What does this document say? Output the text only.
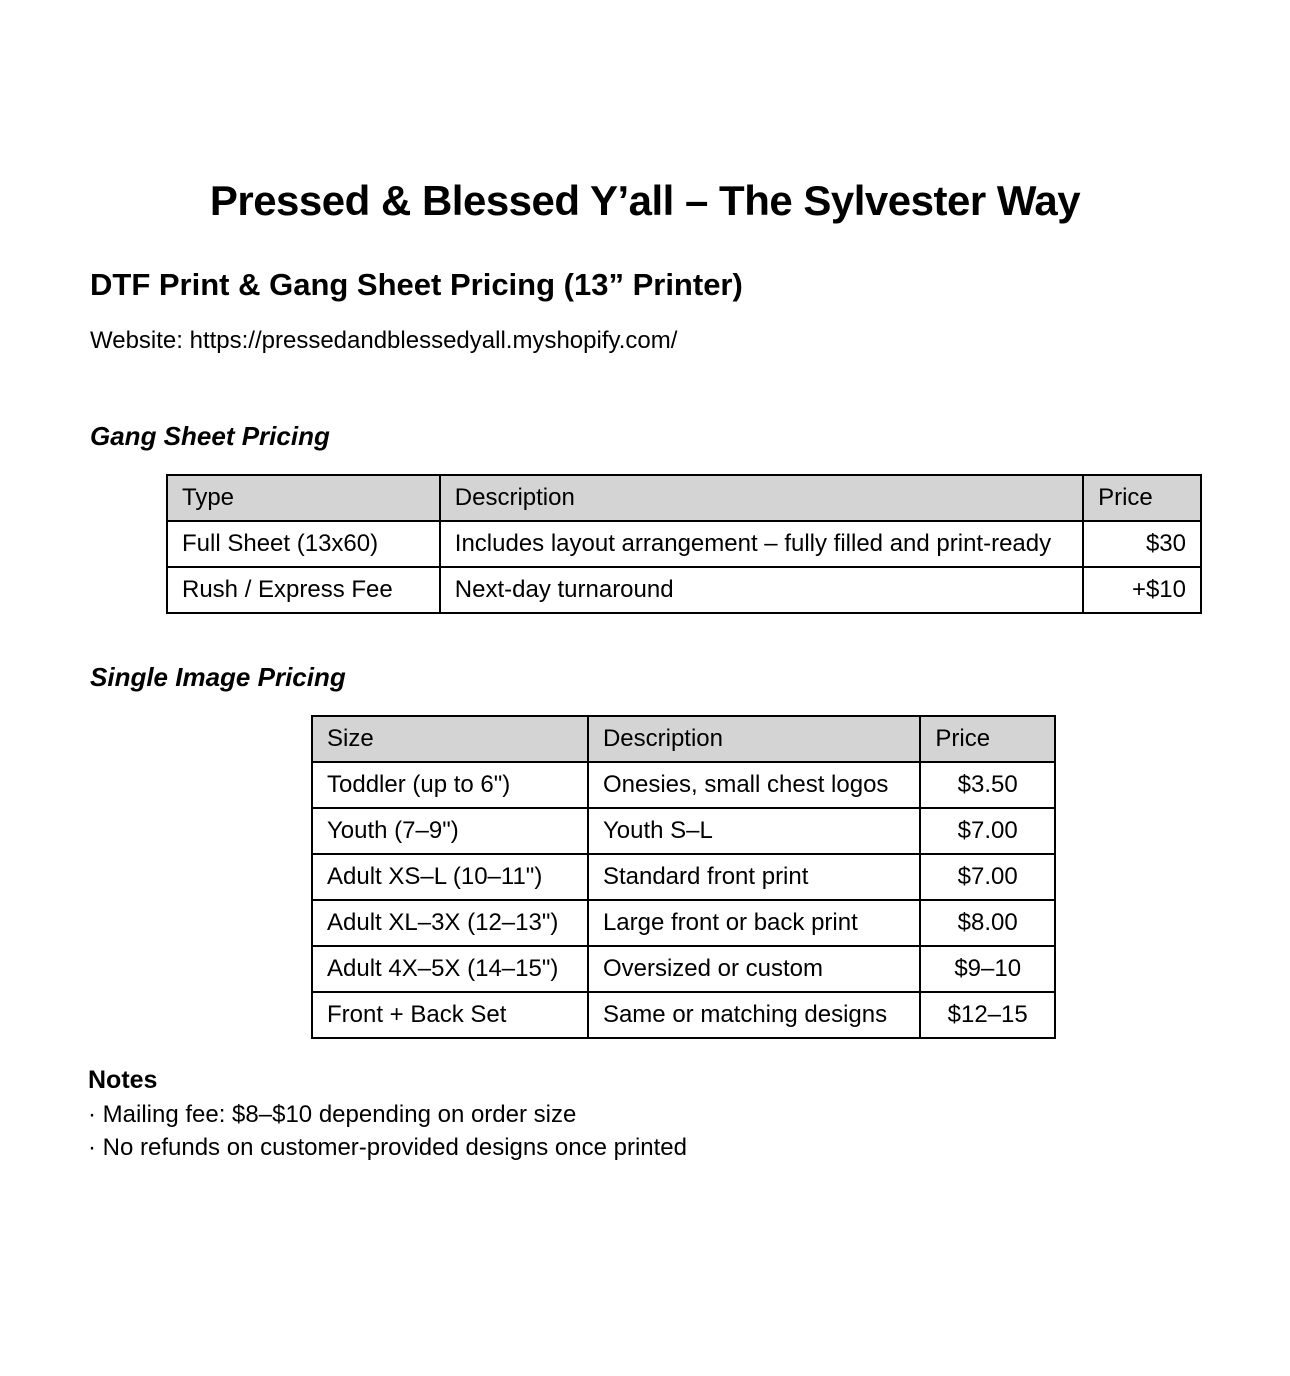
Pressed & Blessed Y’all – The Sylvester Way
DTF Print & Gang Sheet Pricing (13” Printer)

Website: https://pressedandblessedyall.myshopify.com/

Gang Sheet Pricing
Type	Description	Price
Full Sheet (13x60)	Includes layout arrangement – fully filled and print-ready	$30
Rush / Express Fee	Next-day turnaround	+$10
Single Image Pricing
Size	Description	Price
Toddler (up to 6")	Onesies, small chest logos	$3.50
Youth (7–9")	Youth S–L	$7.00
Adult XS–L (10–11")	Standard front print	$7.00
Adult XL–3X (12–13")	Large front or back print	$8.00
Adult 4X–5X (14–15")	Oversized or custom	$9–10
Front + Back Set	Same or matching designs	$12–15

Notes

· Mailing fee: $8–$10 depending on order size

· No refunds on customer-provided designs once printed
